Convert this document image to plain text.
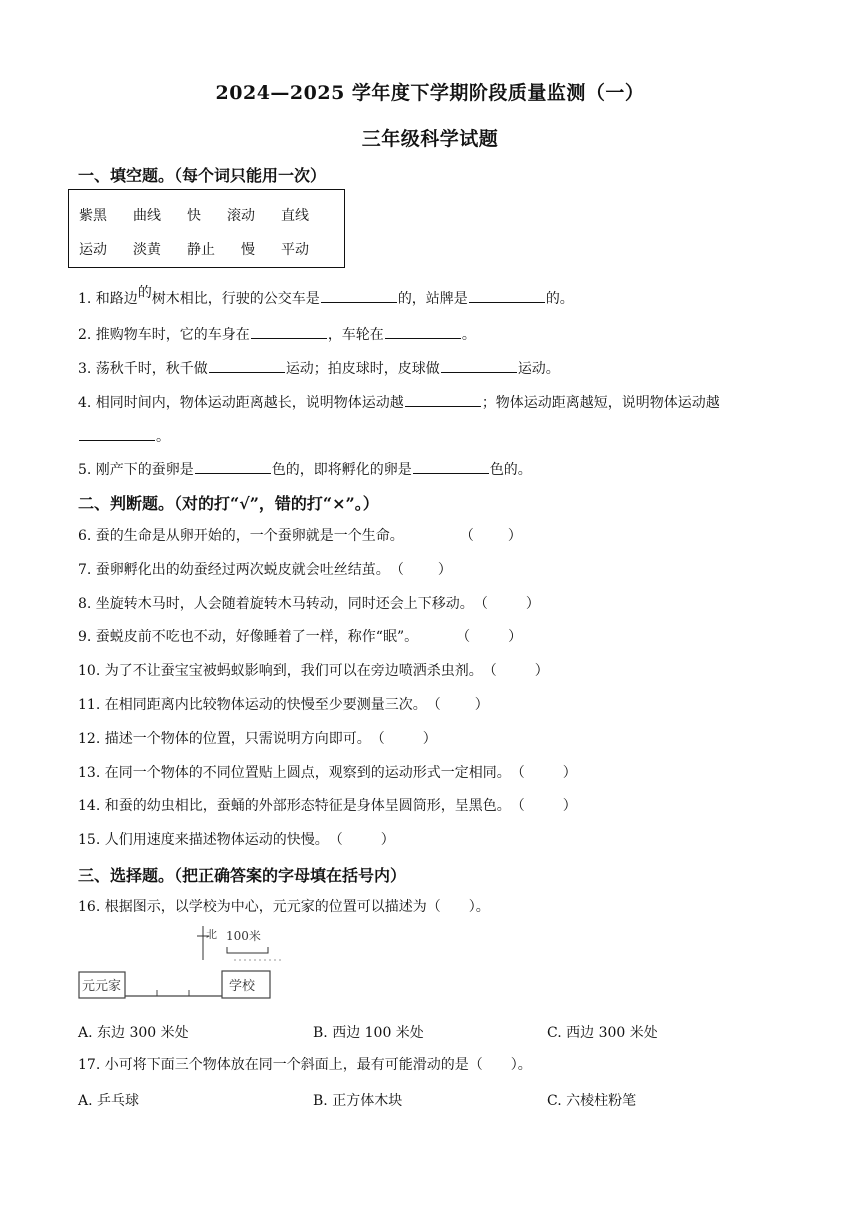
2024—2025 学年度下学期阶段质量监测（一）
三年级科学试题
一、填空题。（每个词只能用一次）
紫黑 曲线 快 滚动 直线
运动 淡黄 静止 慢 平动
1. 和路边的树木相比，行驶的公交车是	的，站牌是	的。
2. 推购物车时，它的车身在	，车轮在	。
3. 荡秋千时，秋千做	运动；拍皮球时，皮球做	运动。
4. 相同时间内，物体运动距离越长，说明物体运动越	；物体运动距离越短，说明物体运动越
。
5. 刚产下的蚕卵是	色的，即将孵化的卵是	色的。
二、判断题。（对的打“√”，错的打“×”。）
6. 蚕的生命是从卵开始的，一个蚕卵就是一个生命。	（ ）
7. 蚕卵孵化出的幼蚕经过两次蜕皮就会吐丝结茧。（ ）
8. 坐旋转木马时，人会随着旋转木马转动，同时还会上下移动。（	）
9. 蚕蜕皮前不吃也不动，好像睡着了一样，称作“眠”。	（	）
10. 为了不让蚕宝宝被蚂蚁影响到，我们可以在旁边喷洒杀虫剂。（	）
11. 在相同距离内比较物体运动的快慢至少要测量三次。（ ）
12. 描述一个物体的位置，只需说明方向即可。（	）
13. 在同一个物体的不同位置贴上圆点，观察到的运动形式一定相同。（	）
14. 和蚕的幼虫相比，蚕蛹的外部形态特征是身体呈圆筒形，呈黑色。（	）
15. 人们用速度来描述物体运动的快慢。（	）
三、选择题。（把正确答案的字母填在括号内）
16. 根据图示，以学校为中心，元元家的位置可以描述为（　　）。
北 100米
元元家	学校
A. 东边 300 米处	B. 西边 100 米处	C. 西边 300 米处
17. 小可将下面三个物体放在同一个斜面上，最有可能滑动的是（　　）。
A. 乒乓球	B. 正方体木块	C. 六棱柱粉笔
